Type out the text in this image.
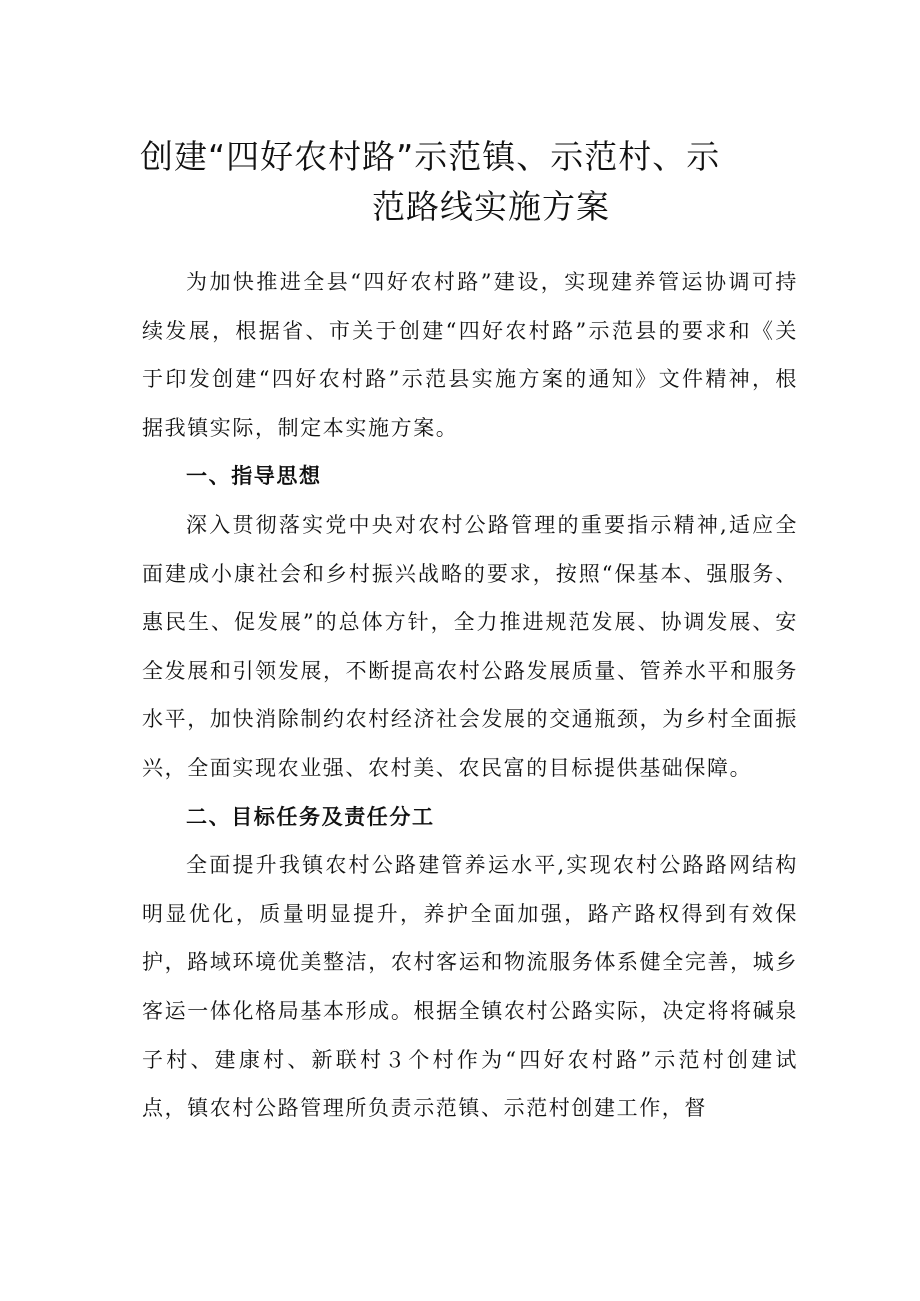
创建“四好农村路”示范镇、示范村、示
范路线实施方案

为加快推进全县“四好农村路”建设，实现建养管运协调可持续发展，根据省、市关于创建“四好农村路”示范县的要求和《关于印发创建“四好农村路”示范县实施方案的通知》文件精神，根据我镇实际，制定本实施方案。

一、指导思想

深入贯彻落实党中央对农村公路管理的重要指示精神,适应全面建成小康社会和乡村振兴战略的要求，按照“保基本、强服务、惠民生、促发展”的总体方针，全力推进规范发展、协调发展、安全发展和引领发展，不断提高农村公路发展质量、管养水平和服务水平，加快消除制约农村经济社会发展的交通瓶颈，为乡村全面振兴，全面实现农业强、农村美、农民富的目标提供基础保障。

二、目标任务及责任分工

全面提升我镇农村公路建管养运水平,实现农村公路路网结构明显优化，质量明显提升，养护全面加强，路产路权得到有效保护，路域环境优美整洁，农村客运和物流服务体系健全完善，城乡客运一体化格局基本形成。根据全镇农村公路实际，决定将将碱泉子村、建康村、新联村３个村作为“四好农村路”示范村创建试点，镇农村公路管理所负责示范镇、示范村创建工作，督
